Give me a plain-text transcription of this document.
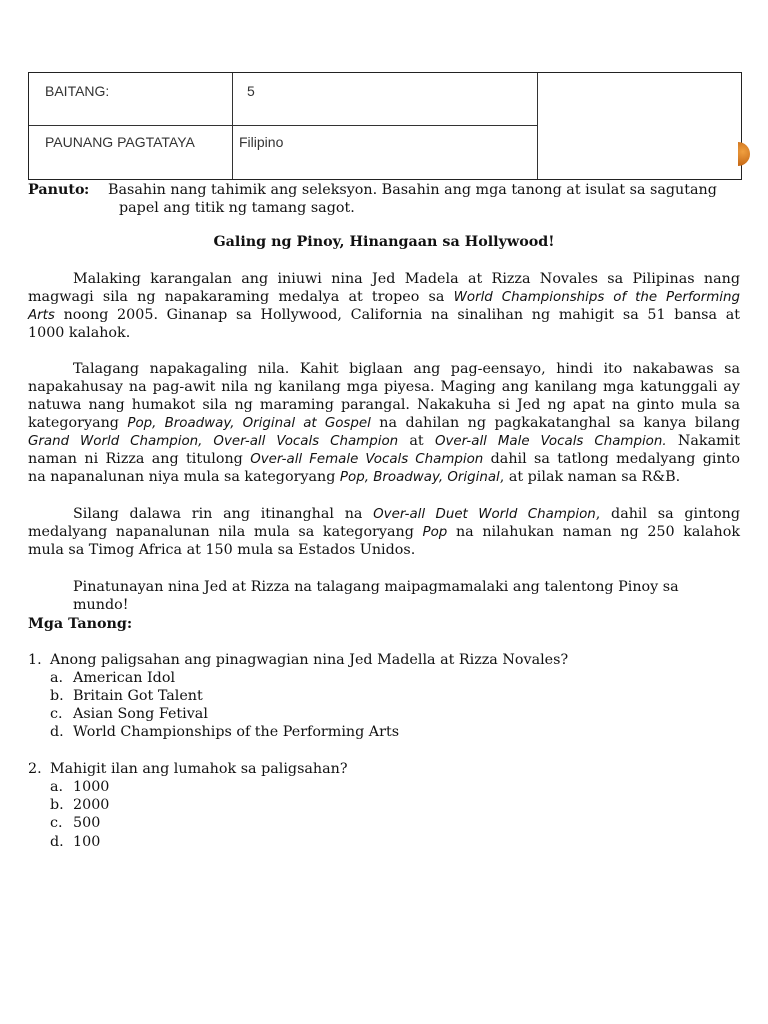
BAITANG:	5
PAUNANG PAGTATAYA	Filipino
Panuto : Basahin nang tahimik ang seleksyon. Basahin ang mga tanong at isulat sa sagutang
papel ang titik ng tamang sagot.
Galing ng Pinoy, Hinangaan sa Hollywood!
Malaking karangalan ang iniuwi nina Jed Madela at Rizza Novales sa Pilipinas nang
magwagi sila ng napakaraming medalya at tropeo sa World Championships of the Performing
Arts noong 2005. Ginanap sa Hollywood, California na sinalihan ng mahigit sa 51 bansa at
1000 kalahok.
Talagang napakagaling nila. Kahit biglaan ang pag-eensayo, hindi ito nakabawas sa
napakahusay na pag-awit nila ng kanilang mga piyesa. Maging ang kanilang mga katunggali ay
natuwa nang humakot sila ng maraming parangal. Nakakuha si Jed ng apat na ginto mula sa
kategoryang Pop, Broadway, Original at Gospel na dahilan ng pagkakatanghal sa kanya bilang
Grand World Champion, Over-all Vocals Champion at Over-all Male Vocals Champion. Nakamit
naman ni Rizza ang titulong Over-all Female Vocals Champion dahil sa tatlong medalyang ginto
na napanalunan niya mula sa kategoryang Pop, Broadway, Original, at pilak naman sa R&B.
Silang dalawa rin ang itinanghal na Over-all Duet World Champion, dahil sa gintong
medalyang napanalunan nila mula sa kategoryang Pop na nilahukan naman ng 250 kalahok
mula sa Timog Africa at 150 mula sa Estados Unidos.
Pinatunayan nina Jed at Rizza na talagang maipagmamalaki ang talentong Pinoy sa
mundo!
Mga Tanong:
1. Anong paligsahan ang pinagwagian nina Jed Madella at Rizza Novales?
a. American Idol
b. Britain Got Talent
c. Asian Song Fetival
d. World Championships of the Performing Arts
2. Mahigit ilan ang lumahok sa paligsahan?
a. 1000
b. 2000
c. 500
d. 100
